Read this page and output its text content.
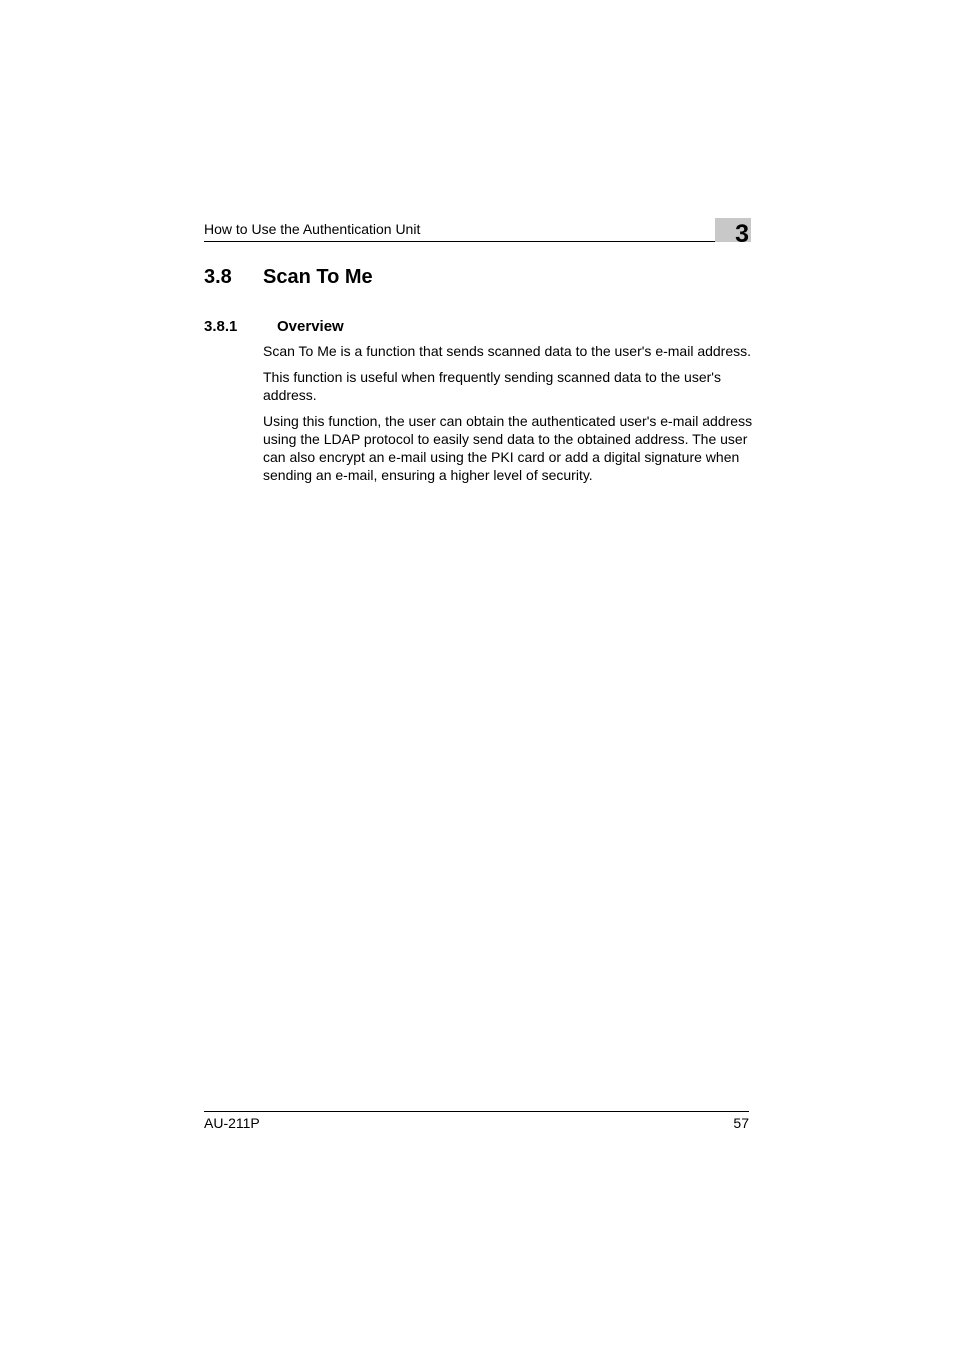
How to Use the Authentication Unit	3
3.8 Scan To Me
3.8.1	Overview

Scan To Me is a function that sends scanned data to the user's e-mail address.

This function is useful when frequently sending scanned data to the user's address.

Using this function, the user can obtain the authenticated user's e-mail address using the LDAP protocol to easily send data to the obtained address. The user can also encrypt an e-mail using the PKI card or add a digital signature when sending an e-mail, ensuring a higher level of security.

AU-211P	57
